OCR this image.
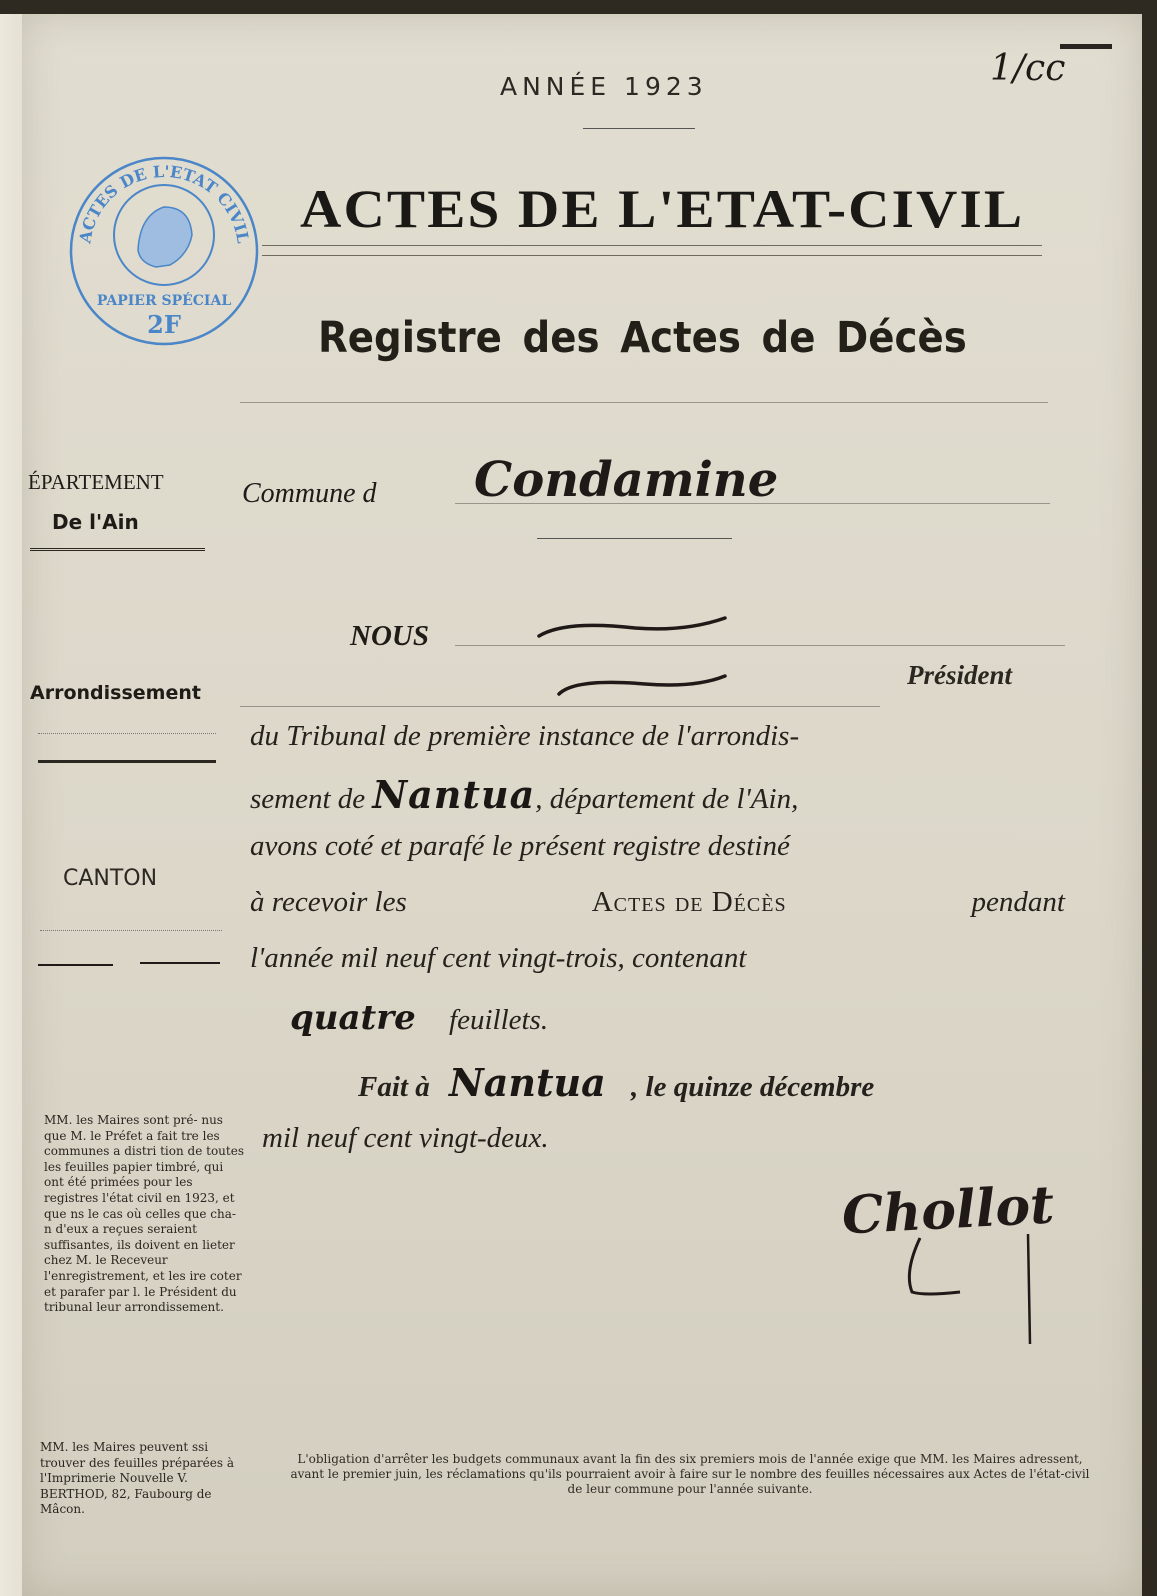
ANNÉE 1923	1/cc
ACTES DE L'ETAT-CIVIL
Registre des Actes de Décès
ACTES DE L'ETAT CIVIL
PAPIER SPÉCIAL
2F
ÉPARTEMENT
De l'Ain
Arrondissement
CANTON
MM. les Maires sont pré- nus que M. le Préfet a fait tre les communes a distri tion de toutes les feuilles papier timbré, qui ont été primées pour les registres l'état civil en 1923, et que ns le cas où celles que cha- n d'eux a reçues seraient suffisantes, ils doivent en lieter chez M. le Receveur l'enregistrement, et les ire coter et parafer par l. le Président du tribunal leur arrondissement.
MM. les Maires peuvent ssi trouver des feuilles préparées à l'Imprimerie Nouvelle V. BERTHOD, 82, Faubourg de Mâcon.
Commune d Condamine
NOUS
Président
du Tribunal de première instance de l'arrondis-
sement de Nantua, département de l'Ain,
avons coté et parafé le présent registre destiné
à recevoir les	Actes de Décès	pendant
l'année mil neuf cent vingt-trois, contenant
quatre feuillets.
Fait à Nantua , le quinze décembre
mil neuf cent vingt-deux.
Chollot
L'obligation d'arrêter les budgets communaux avant la fin des six premiers mois de l'année exige que MM. les Maires adressent, avant le premier juin, les réclamations qu'ils pourraient avoir à faire sur le nombre des feuilles nécessaires aux Actes de l'état-civil de leur commune pour l'année suivante.
